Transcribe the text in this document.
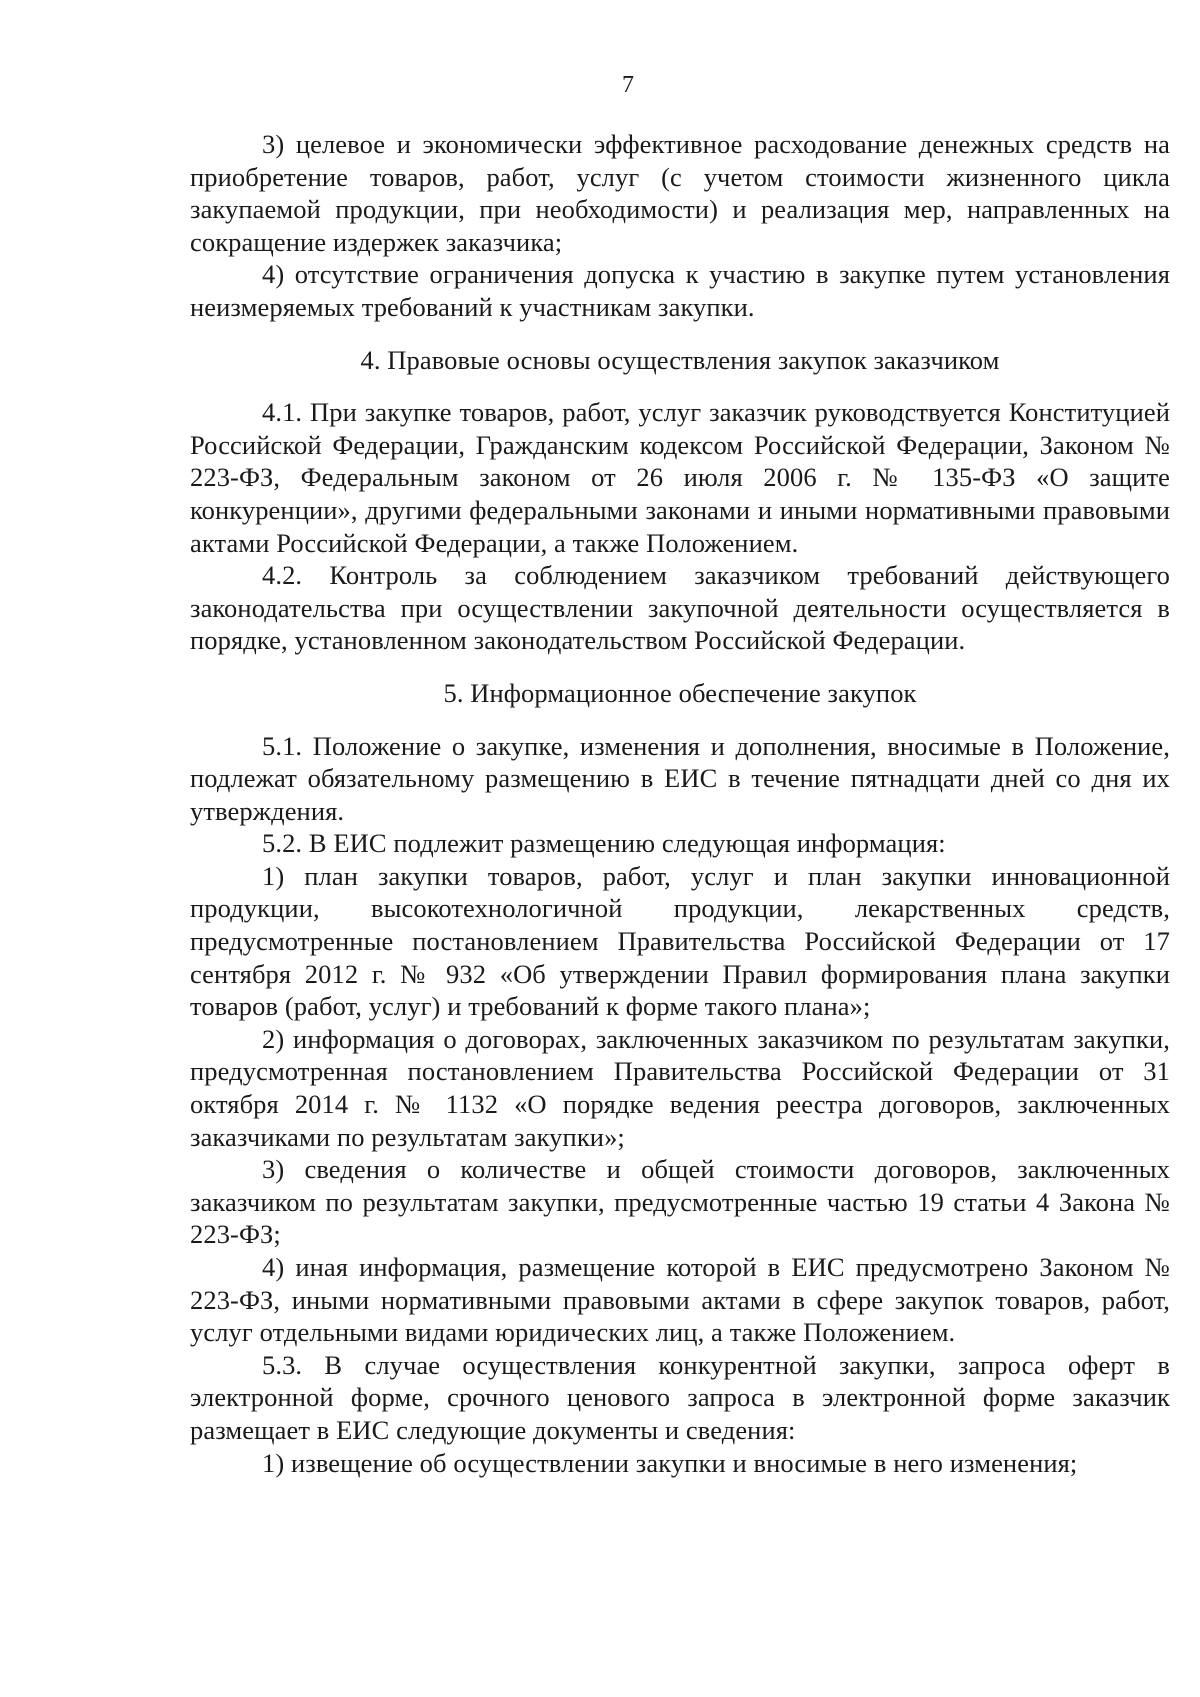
7

3) целевое и экономически эффективное расходование денежных средств на приобретение товаров, работ, услуг (с учетом стоимости жизненного цикла закупаемой продукции, при необходимости) и реализация мер, направленных на сокращение издержек заказчика;

4) отсутствие ограничения допуска к участию в закупке путем установления неизмеряемых требований к участникам закупки.

4. Правовые основы осуществления закупок заказчиком

4.1. При закупке товаров, работ, услуг заказчик руководствуется Конституцией Российской Федерации, Гражданским кодексом Российской Федерации, Законом № 223-ФЗ, Федеральным законом от 26 июля 2006 г. № 135-ФЗ «О защите конкуренции», другими федеральными законами и иными нормативными правовыми актами Российской Федерации, а также Положением.

4.2. Контроль за соблюдением заказчиком требований действующего законодательства при осуществлении закупочной деятельности осуществляется в порядке, установленном законодательством Российской Федерации.

5. Информационное обеспечение закупок

5.1. Положение о закупке, изменения и дополнения, вносимые в Положение, подлежат обязательному размещению в ЕИС в течение пятнадцати дней со дня их утверждения.

5.2. В ЕИС подлежит размещению следующая информация:

1) план закупки товаров, работ, услуг и план закупки инновационной продукции, высокотехнологичной продукции, лекарственных средств, предусмотренные постановлением Правительства Российской Федерации от 17 сентября 2012 г. № 932 «Об утверждении Правил формирования плана закупки товаров (работ, услуг) и требований к форме такого плана»;

2) информация о договорах, заключенных заказчиком по результатам закупки, предусмотренная постановлением Правительства Российской Федерации от 31 октября 2014 г. № 1132 «О порядке ведения реестра договоров, заключенных заказчиками по результатам закупки»;

3) сведения о количестве и общей стоимости договоров, заключенных заказчиком по результатам закупки, предусмотренные частью 19 статьи 4 Закона № 223-ФЗ;

4) иная информация, размещение которой в ЕИС предусмотрено Законом № 223-ФЗ, иными нормативными правовыми актами в сфере закупок товаров, работ, услуг отдельными видами юридических лиц, а также Положением.

5.3. В случае осуществления конкурентной закупки, запроса оферт в электронной форме, срочного ценового запроса в электронной форме заказчик размещает в ЕИС следующие документы и сведения:

1) извещение об осуществлении закупки и вносимые в него изменения;
